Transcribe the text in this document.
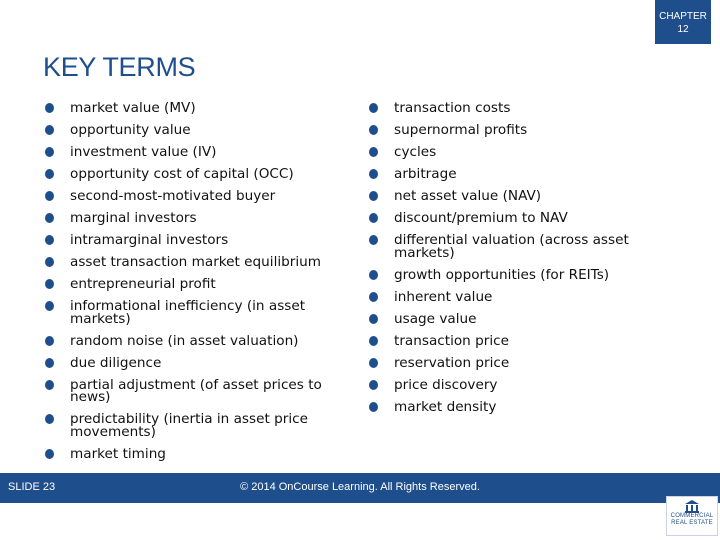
CHAPTER
12
KEY TERMS
market value (MV)
opportunity value
investment value (IV)
opportunity cost of capital (OCC)
second-most-motivated buyer
marginal investors
intramarginal investors
asset transaction market equilibrium
entrepreneurial profit
informational inefficiency (in asset markets)
random noise (in asset valuation)
due diligence
partial adjustment (of asset prices to news)
predictability (inertia in asset price movements)
market timing
transaction costs
supernormal profits
cycles
arbitrage
net asset value (NAV)
discount/premium to NAV
differential valuation (across asset markets)
growth opportunities (for REITs)
inherent value
usage value
transaction price
reservation price
price discovery
market density
SLIDE 23	© 2014 OnCourse Learning. All Rights Reserved.
COMMERCIAL
REAL ESTATE
